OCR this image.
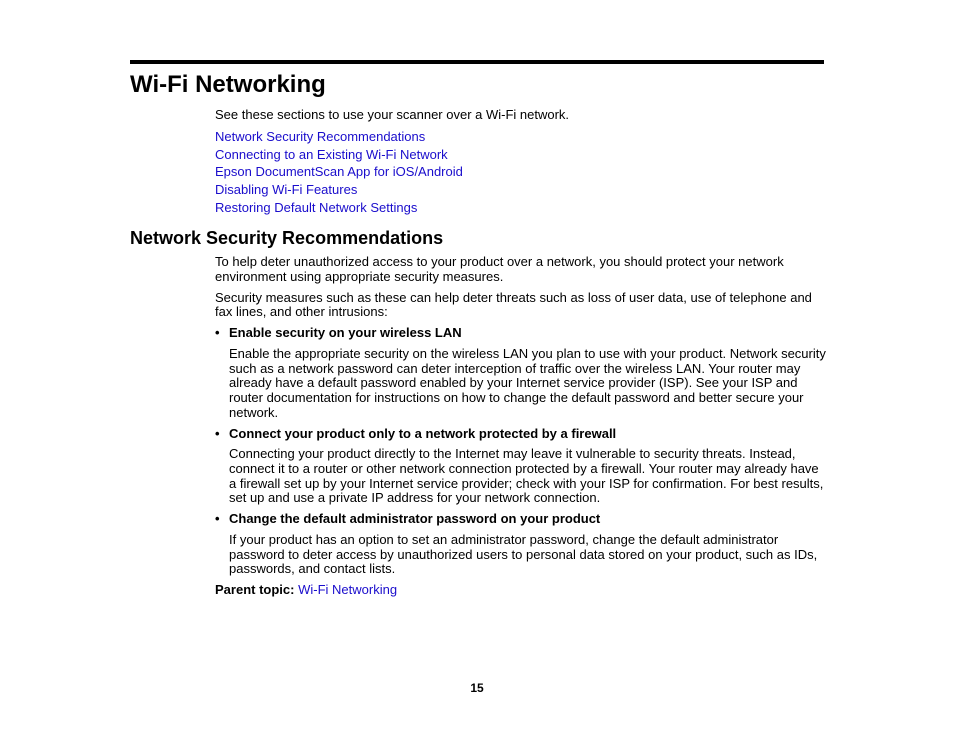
Wi-Fi Networking

See these sections to use your scanner over a Wi-Fi network.

Network Security Recommendations
Connecting to an Existing Wi-Fi Network
Epson DocumentScan App for iOS/Android
Disabling Wi-Fi Features
Restoring Default Network Settings
Network Security Recommendations

To help deter unauthorized access to your product over a network, you should protect your network environment using appropriate security measures.

Security measures such as these can help deter threats such as loss of user data, use of telephone and fax lines, and other intrusions:

• Enable security on your wireless LAN

Enable the appropriate security on the wireless LAN you plan to use with your product. Network security such as a network password can deter interception of traffic over the wireless LAN. Your router may already have a default password enabled by your Internet service provider (ISP). See your ISP and router documentation for instructions on how to change the default password and better secure your network.

• Connect your product only to a network protected by a firewall

Connecting your product directly to the Internet may leave it vulnerable to security threats. Instead, connect it to a router or other network connection protected by a firewall. Your router may already have a firewall set up by your Internet service provider; check with your ISP for confirmation. For best results, set up and use a private IP address for your network connection.

• Change the default administrator password on your product

If your product has an option to set an administrator password, change the default administrator password to deter access by unauthorized users to personal data stored on your product, such as IDs, passwords, and contact lists.

Parent topic: Wi-Fi Networking

15
